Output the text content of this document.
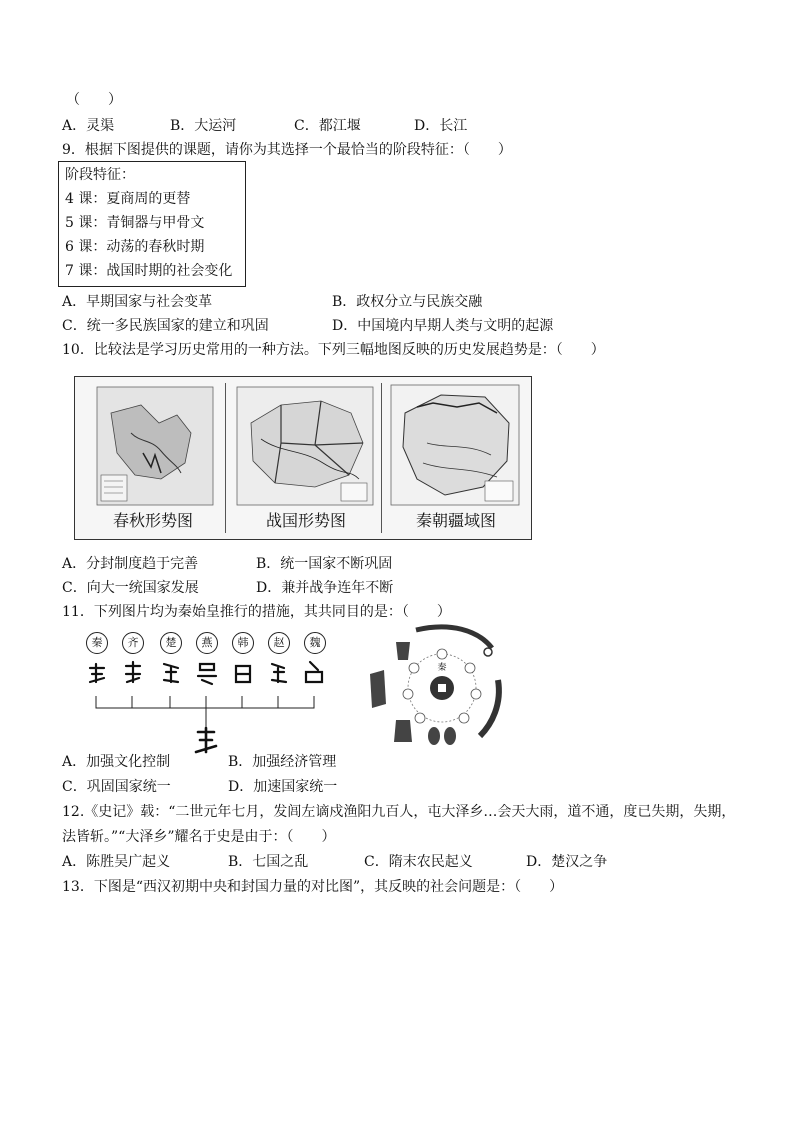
（　　）
A．灵渠	B．大运河	C．都江堰	D．长江
9．根据下图提供的课题，请你为其选择一个最恰当的阶段特征：（　　）
阶段特征：
4 课：夏商周的更替
5 课：青铜器与甲骨文
6 课：动荡的春秋时期
7 课：战国时期的社会变化
A．早期国家与社会变革	B．政权分立与民族交融
C．统一多民族国家的建立和巩固	D．中国境内早期人类与文明的起源
10．比较法是学习历史常用的一种方法。下列三幅地图反映的历史发展趋势是：（　　）
春秋形势图	战国形势图	秦朝疆域图
A．分封制度趋于完善	B．统一国家不断巩固
C．向大一统国家发展	D．兼并战争连年不断
11．下列图片均为秦始皇推行的措施，其共同目的是：（　　）
秦	齐	楚	燕	韩	赵	魏
秦
A．加强文化控制	B．加强经济管理
C．巩固国家统一	D．加速国家统一
12.《史记》载：“二世元年七月，发闾左谪戍渔阳九百人，屯大泽乡…会天大雨，道不通，度已失期，失期，
法皆斩。”“大泽乡”耀名于史是由于：（　　）
A．陈胜吴广起义	B．七国之乱	C．隋末农民起义	D．楚汉之争
13．下图是“西汉初期中央和封国力量的对比图”，其反映的社会问题是：（　　）
